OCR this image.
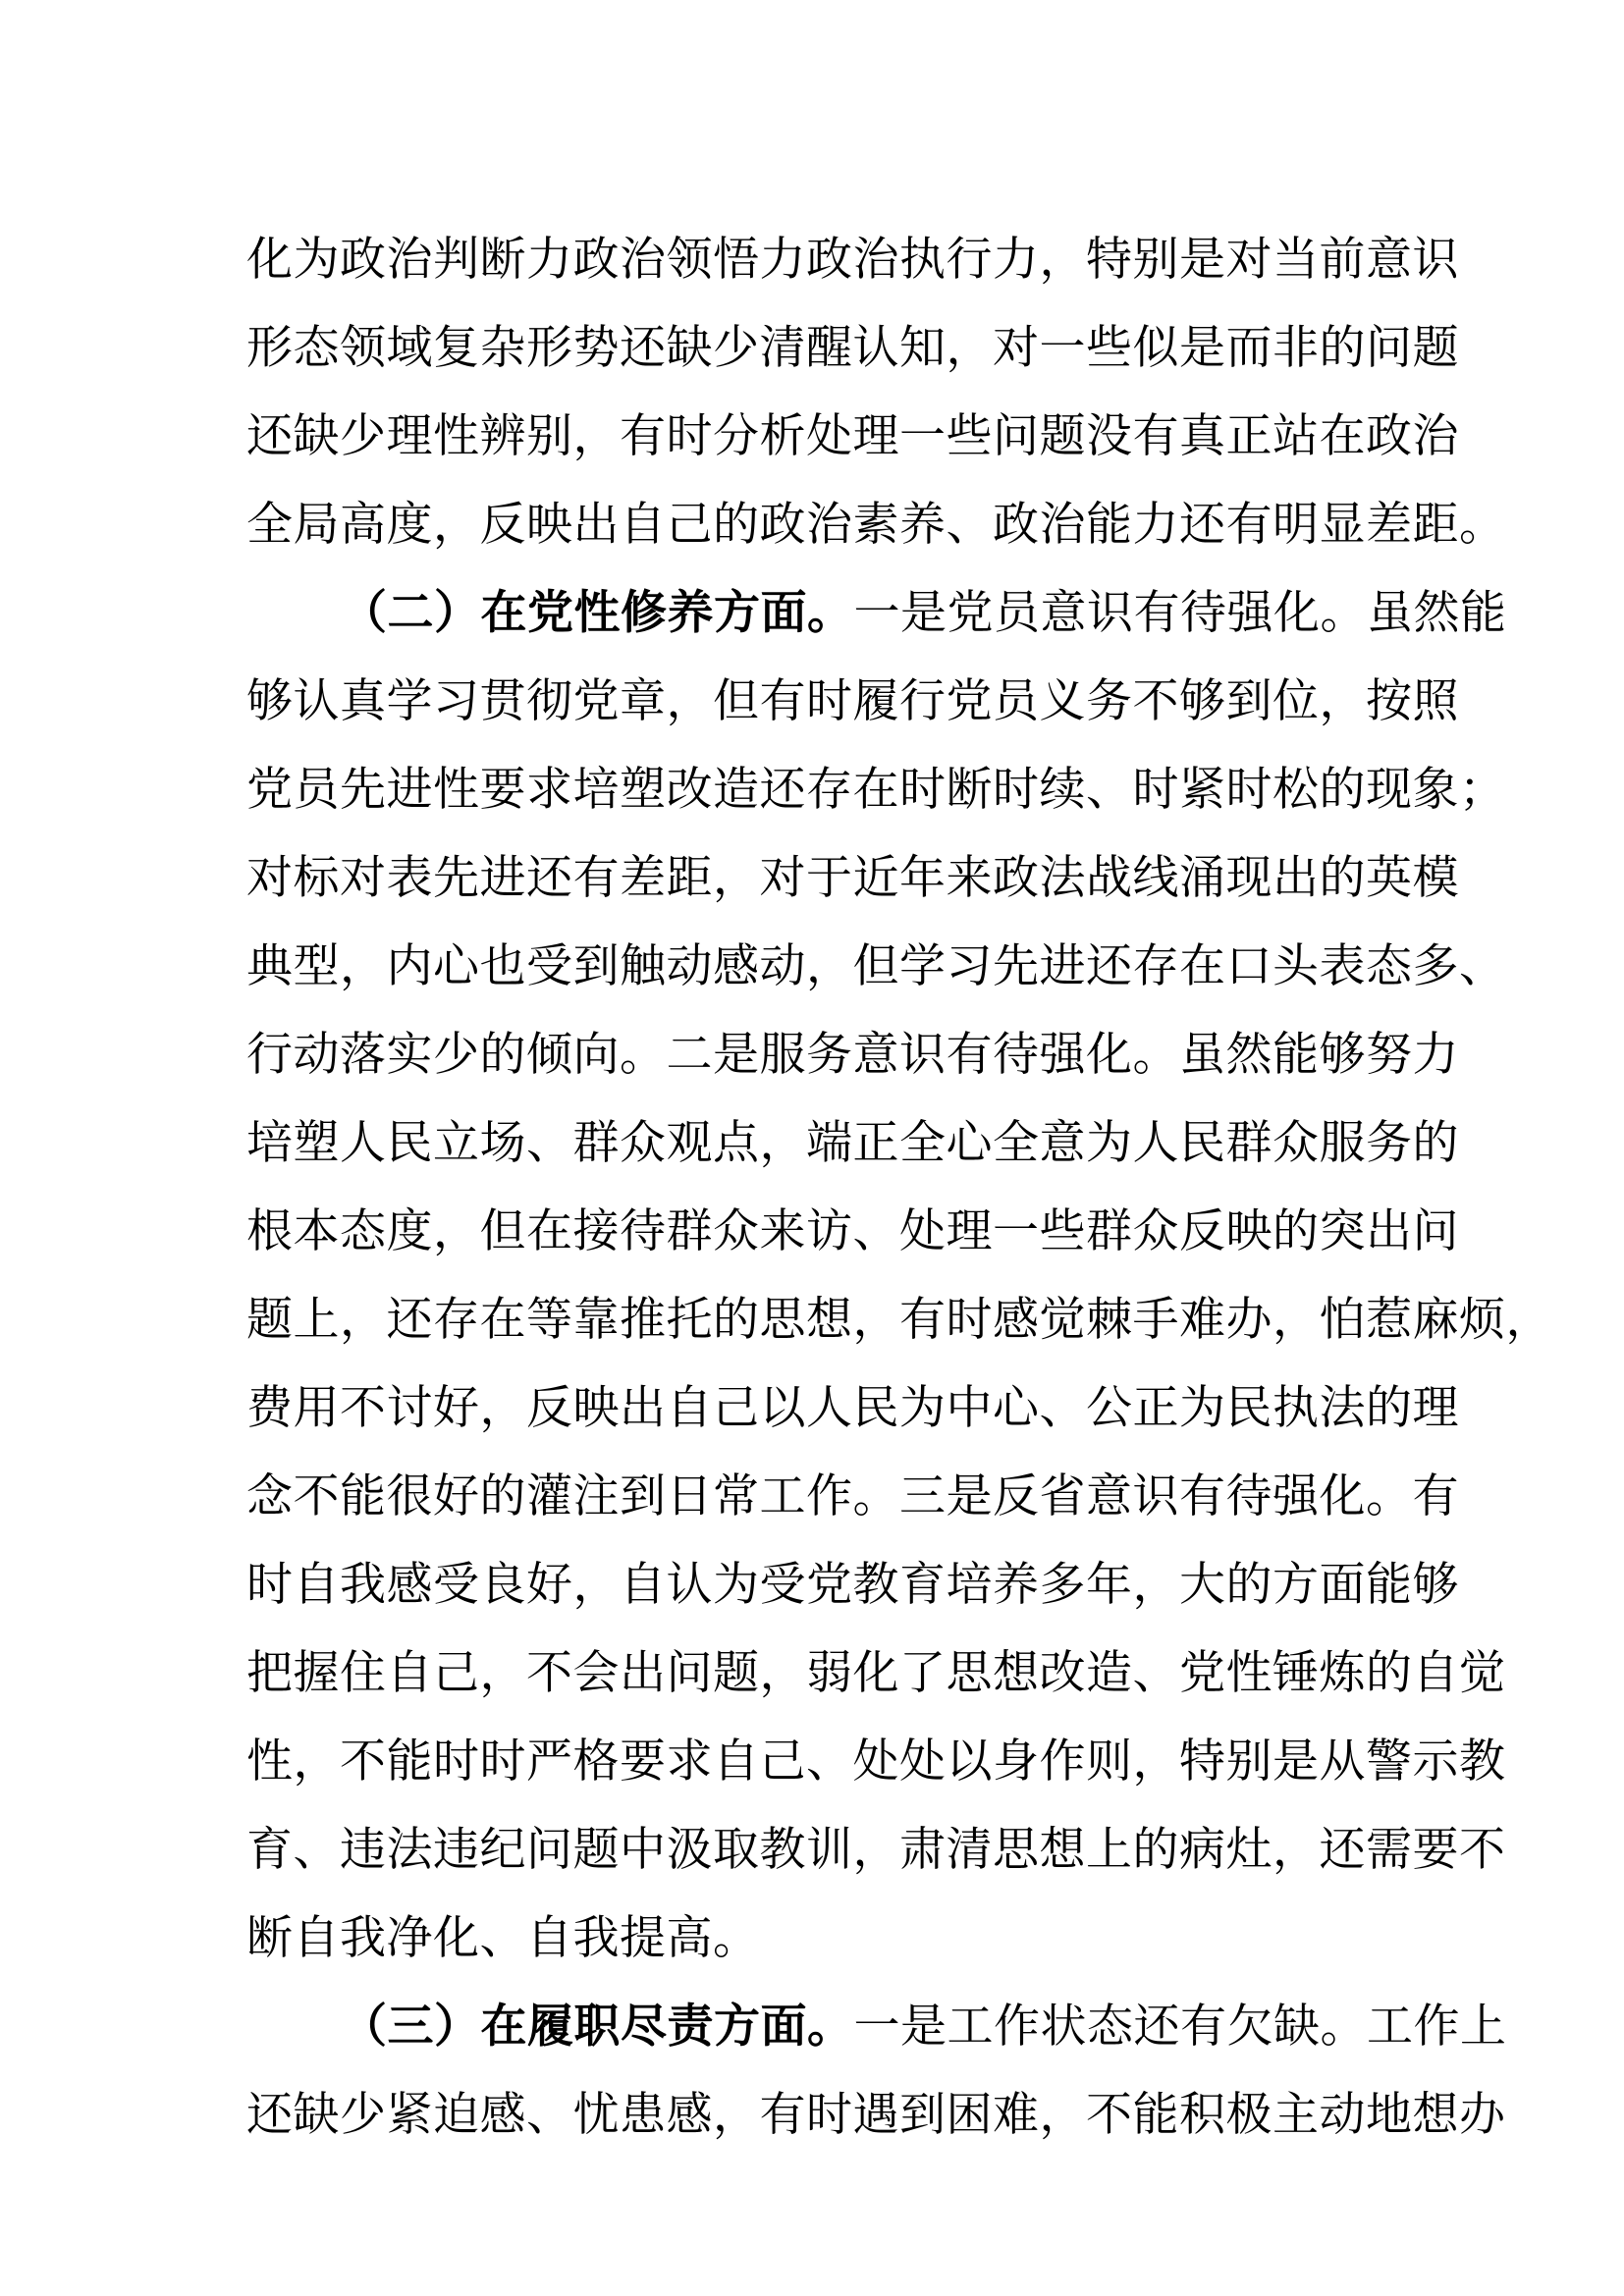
化为政治判断力政治领悟力政治执行力，特别是对当前意识
形态领域复杂形势还缺少清醒认知，对一些似是而非的问题
还缺少理性辨别，有时分析处理一些问题没有真正站在政治
全局高度，反映出自己的政治素养、政治能力还有明显差距。
（二）在党性修养方面。一是党员意识有待强化。虽然能
够认真学习贯彻党章，但有时履行党员义务不够到位，按照
党员先进性要求培塑改造还存在时断时续、时紧时松的现象；
对标对表先进还有差距，对于近年来政法战线涌现出的英模
典型，内心也受到触动感动，但学习先进还存在口头表态多、
行动落实少的倾向。二是服务意识有待强化。虽然能够努力
培塑人民立场、群众观点，端正全心全意为人民群众服务的
根本态度，但在接待群众来访、处理一些群众反映的突出问
题上，还存在等靠推托的思想，有时感觉棘手难办，怕惹麻烦，
费用不讨好，反映出自己以人民为中心、公正为民执法的理
念不能很好的灌注到日常工作。三是反省意识有待强化。有
时自我感受良好，自认为受党教育培养多年，大的方面能够
把握住自己，不会出问题，弱化了思想改造、党性锤炼的自觉
性，不能时时严格要求自己、处处以身作则，特别是从警示教
育、违法违纪问题中汲取教训，肃清思想上的病灶，还需要不
断自我净化、自我提高。
（三）在履职尽责方面。一是工作状态还有欠缺。工作上
还缺少紧迫感、忧患感，有时遇到困难，不能积极主动地想办
